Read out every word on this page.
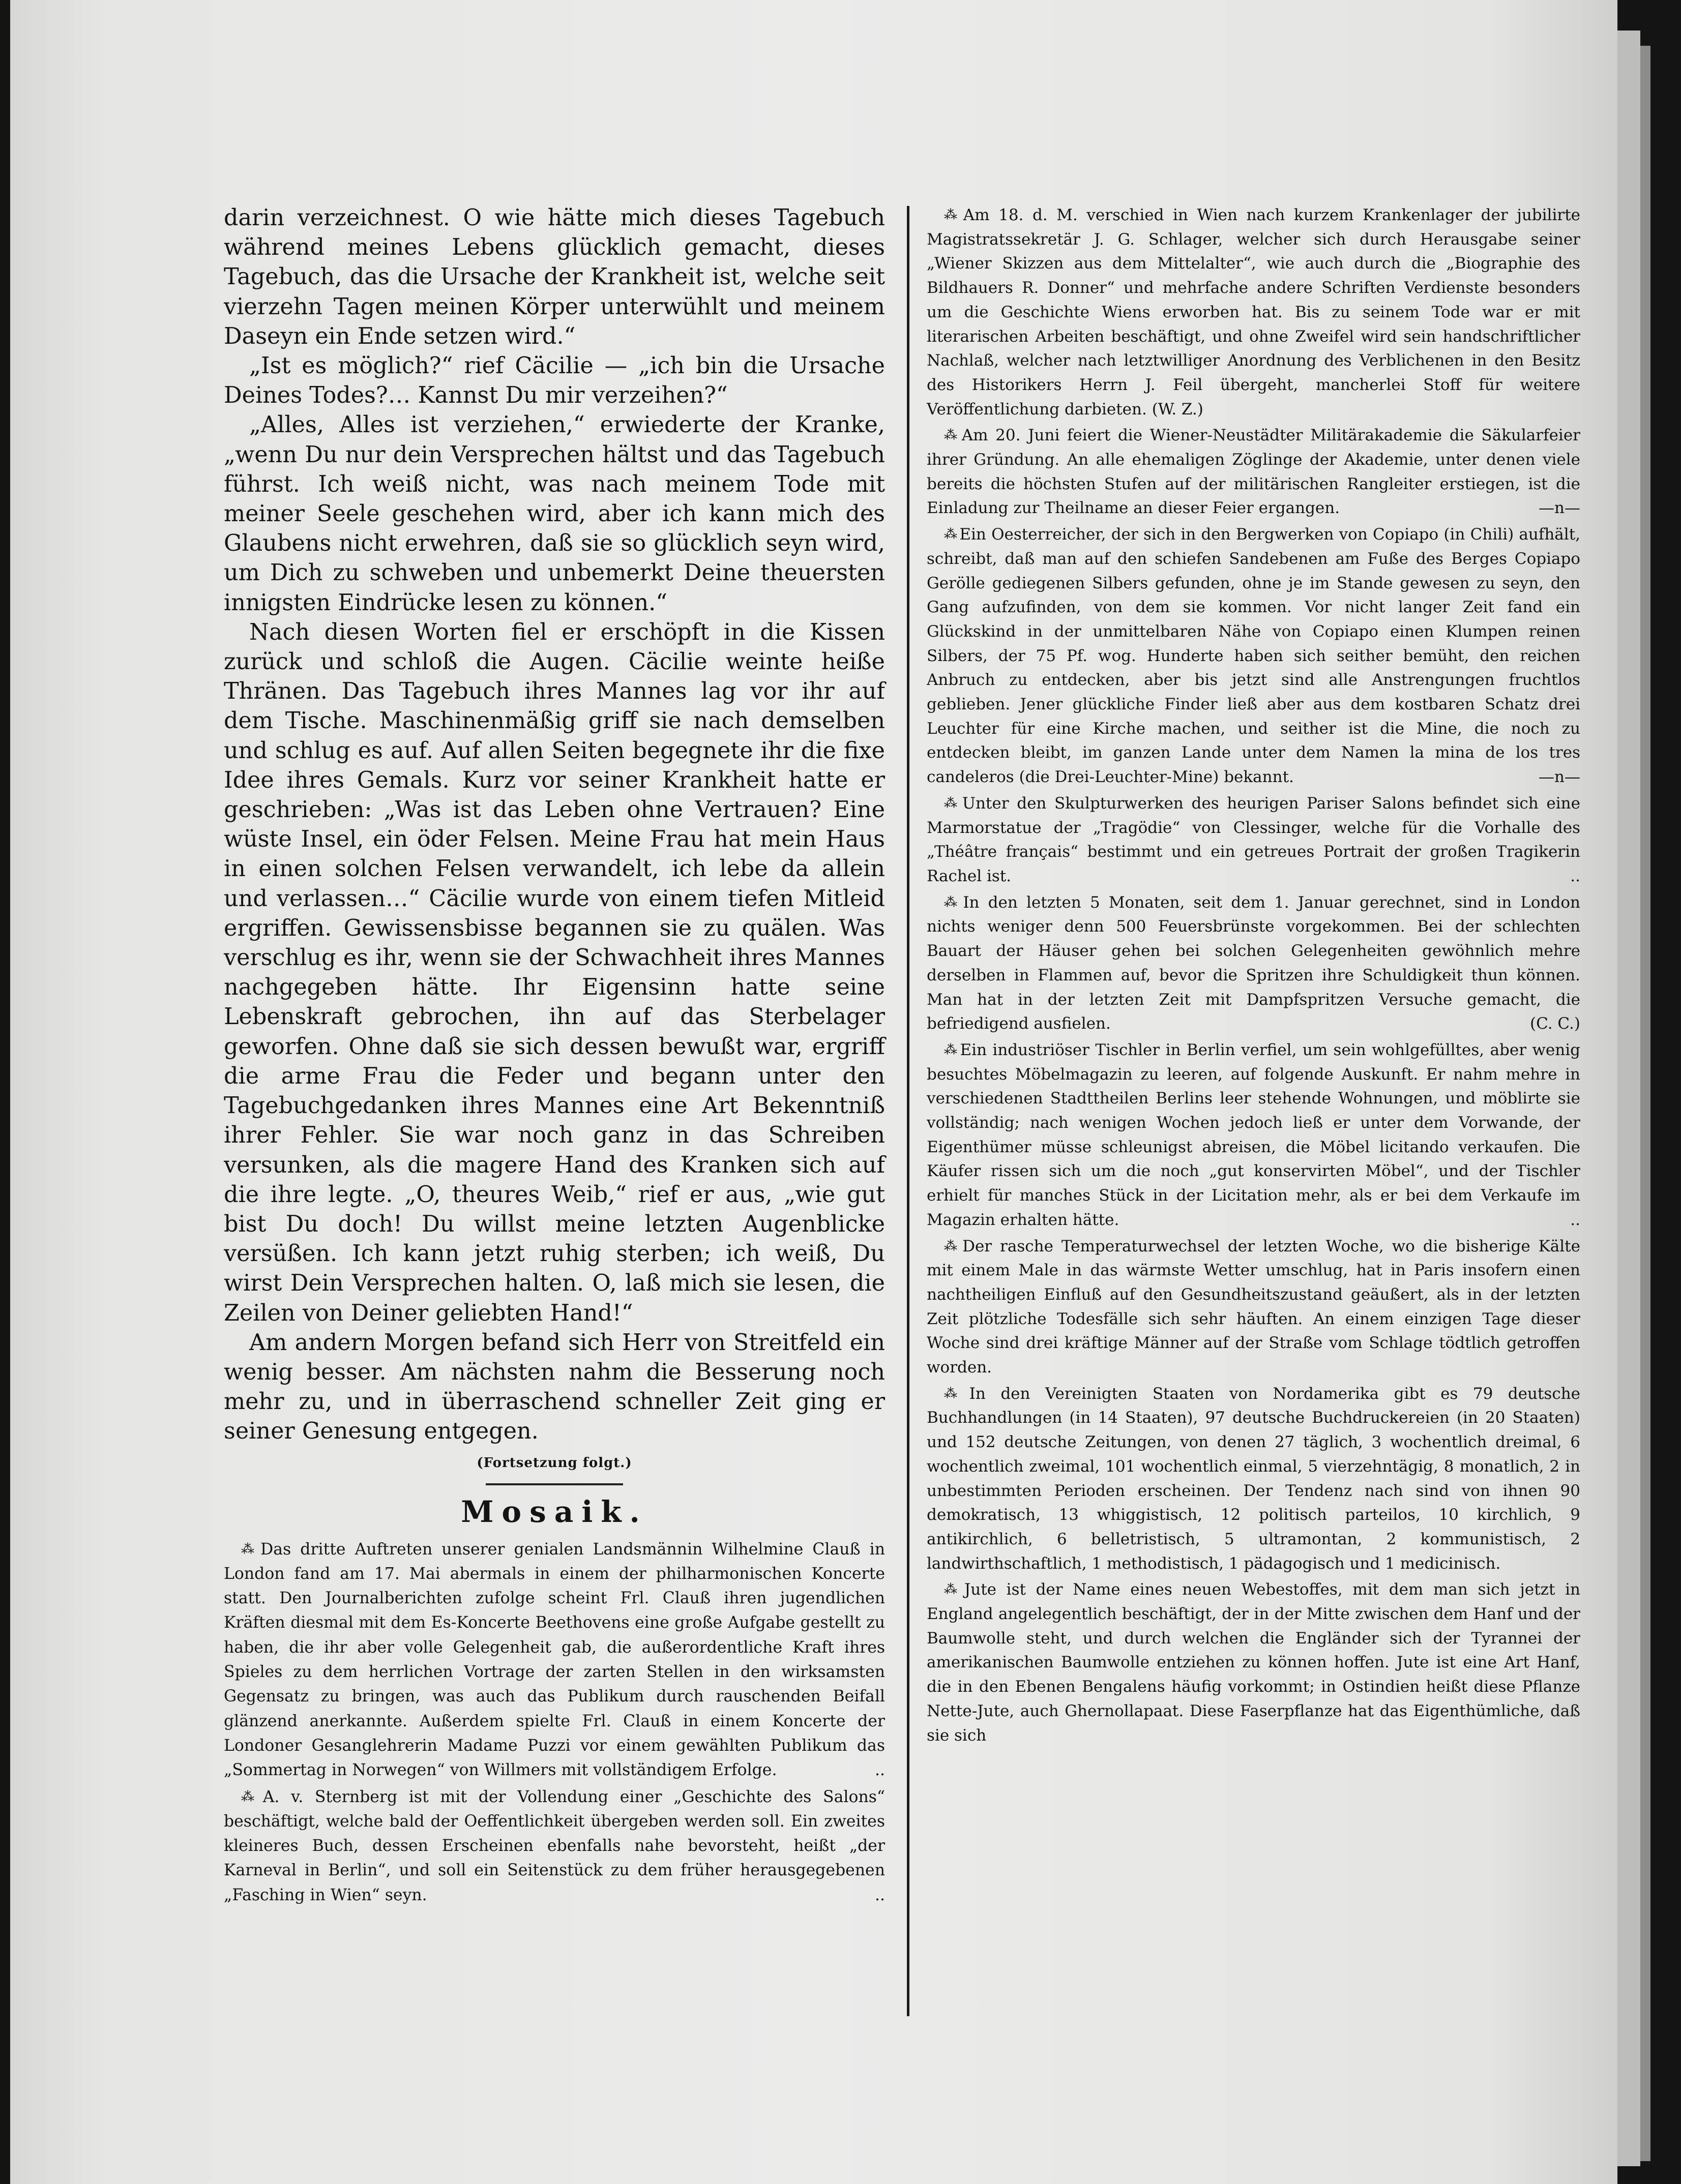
darin verzeichnest. O wie hätte mich dieses Tagebuch während meines Lebens glücklich gemacht, dieses Tagebuch, das die Ursache der Krankheit ist, welche seit vierzehn Tagen meinen Körper unterwühlt und meinem Daseyn ein Ende setzen wird.“

„Ist es möglich?“ rief Cäcilie — „ich bin die Ursache Deines Todes?… Kannst Du mir verzeihen?“

„Alles, Alles ist verziehen,“ erwiederte der Kranke, „wenn Du nur dein Versprechen hältst und das Tagebuch führst. Ich weiß nicht, was nach meinem Tode mit meiner Seele geschehen wird, aber ich kann mich des Glaubens nicht erwehren, daß sie so glücklich seyn wird, um Dich zu schweben und unbemerkt Deine theuersten innigsten Eindrücke lesen zu können.“

Nach diesen Worten fiel er erschöpft in die Kissen zurück und schloß die Augen. Cäcilie weinte heiße Thränen. Das Tagebuch ihres Mannes lag vor ihr auf dem Tische. Maschinenmäßig griff sie nach demselben und schlug es auf. Auf allen Seiten begegnete ihr die fixe Idee ihres Gemals. Kurz vor seiner Krankheit hatte er geschrieben: „Was ist das Leben ohne Vertrauen? Eine wüste Insel, ein öder Felsen. Meine Frau hat mein Haus in einen solchen Felsen verwandelt, ich lebe da allein und verlassen…“ Cäcilie wurde von einem tiefen Mitleid ergriffen. Gewissensbisse begannen sie zu quälen. Was verschlug es ihr, wenn sie der Schwachheit ihres Mannes nachgegeben hätte. Ihr Eigensinn hatte seine Lebenskraft gebrochen, ihn auf das Sterbelager geworfen. Ohne daß sie sich dessen bewußt war, ergriff die arme Frau die Feder und begann unter den Tagebuchgedanken ihres Mannes eine Art Bekenntniß ihrer Fehler. Sie war noch ganz in das Schreiben versunken, als die magere Hand des Kranken sich auf die ihre legte. „O, theures Weib,“ rief er aus, „wie gut bist Du doch! Du willst meine letzten Augenblicke versüßen. Ich kann jetzt ruhig sterben; ich weiß, Du wirst Dein Versprechen halten. O, laß mich sie lesen, die Zeilen von Deiner geliebten Hand!“

Am andern Morgen befand sich Herr von Streitfeld ein wenig besser. Am nächsten nahm die Besserung noch mehr zu, und in überraschend schneller Zeit ging er seiner Genesung entgegen.

(Fortsetzung folgt.)
Mosaik.

⁂ Das dritte Auftreten unserer genialen Landsmännin Wilhelmine Clauß in London fand am 17. Mai abermals in einem der philharmonischen Koncerte statt. Den Journalberichten zufolge scheint Frl. Clauß ihren jugendlichen Kräften diesmal mit dem Es-Koncerte Beethovens eine große Aufgabe gestellt zu haben, die ihr aber volle Gelegenheit gab, die außerordentliche Kraft ihres Spieles zu dem herrlichen Vortrage der zarten Stellen in den wirksamsten Gegensatz zu bringen, was auch das Publikum durch rauschenden Beifall glänzend anerkannte. Außerdem spielte Frl. Clauß in einem Koncerte der Londoner Gesanglehrerin Madame Puzzi vor einem gewählten Publikum das „Sommertag in Norwegen“ von Willmers mit vollständigem Erfolge.	..

⁂ A. v. Sternberg ist mit der Vollendung einer „Geschichte des Salons“ beschäftigt, welche bald der Oeffentlichkeit übergeben werden soll. Ein zweites kleineres Buch, dessen Erscheinen ebenfalls nahe bevorsteht, heißt „der Karneval in Berlin“, und soll ein Seitenstück zu dem früher herausgegebenen „Fasching in Wien“ seyn.	..

⁂ Am 18. d. M. verschied in Wien nach kurzem Krankenlager der jubilirte Magistratssekretär J. G. Schlager, welcher sich durch Herausgabe seiner „Wiener Skizzen aus dem Mittelalter“, wie auch durch die „Biographie des Bildhauers R. Donner“ und mehrfache andere Schriften Verdienste besonders um die Geschichte Wiens erworben hat. Bis zu seinem Tode war er mit literarischen Arbeiten beschäftigt, und ohne Zweifel wird sein handschriftlicher Nachlaß, welcher nach letztwilliger Anordnung des Verblichenen in den Besitz des Historikers Herrn J. Feil übergeht, mancherlei Stoff für weitere Veröffentlichung darbieten. (W. Z.)

⁂ Am 20. Juni feiert die Wiener-Neustädter Militärakademie die Säkularfeier ihrer Gründung. An alle ehemaligen Zöglinge der Akademie, unter denen viele bereits die höchsten Stufen auf der militärischen Rangleiter erstiegen, ist die Einladung zur Theilname an dieser Feier ergangen.	—n—

⁂ Ein Oesterreicher, der sich in den Bergwerken von Copiapo (in Chili) aufhält, schreibt, daß man auf den schiefen Sandebenen am Fuße des Berges Copiapo Gerölle gediegenen Silbers gefunden, ohne je im Stande gewesen zu seyn, den Gang aufzufinden, von dem sie kommen. Vor nicht langer Zeit fand ein Glückskind in der unmittelbaren Nähe von Copiapo einen Klumpen reinen Silbers, der 75 Pf. wog. Hunderte haben sich seither bemüht, den reichen Anbruch zu entdecken, aber bis jetzt sind alle Anstrengungen fruchtlos geblieben. Jener glückliche Finder ließ aber aus dem kostbaren Schatz drei Leuchter für eine Kirche machen, und seither ist die Mine, die noch zu entdecken bleibt, im ganzen Lande unter dem Namen la mina de los tres candeleros (die Drei-Leuchter-Mine) bekannt.	—n—

⁂ Unter den Skulpturwerken des heurigen Pariser Salons befindet sich eine Marmorstatue der „Tragödie“ von Clessinger, welche für die Vorhalle des „Théâtre français“ bestimmt und ein getreues Portrait der großen Tragikerin Rachel ist.	..

⁂ In den letzten 5 Monaten, seit dem 1. Januar gerechnet, sind in London nichts weniger denn 500 Feuersbrünste vorgekommen. Bei der schlechten Bauart der Häuser gehen bei solchen Gelegenheiten gewöhnlich mehre derselben in Flammen auf, bevor die Spritzen ihre Schuldigkeit thun können. Man hat in der letzten Zeit mit Dampfspritzen Versuche gemacht, die befriedigend ausfielen.	(C. C.)

⁂ Ein industriöser Tischler in Berlin verfiel, um sein wohlgefülltes, aber wenig besuchtes Möbelmagazin zu leeren, auf folgende Auskunft. Er nahm mehre in verschiedenen Stadttheilen Berlins leer stehende Wohnungen, und möblirte sie vollständig; nach wenigen Wochen jedoch ließ er unter dem Vorwande, der Eigenthümer müsse schleunigst abreisen, die Möbel licitando verkaufen. Die Käufer rissen sich um die noch „gut konservirten Möbel“, und der Tischler erhielt für manches Stück in der Licitation mehr, als er bei dem Verkaufe im Magazin erhalten hätte.	..

⁂ Der rasche Temperaturwechsel der letzten Woche, wo die bisherige Kälte mit einem Male in das wärmste Wetter umschlug, hat in Paris insofern einen nachtheiligen Einfluß auf den Gesundheitszustand geäußert, als in der letzten Zeit plötzliche Todesfälle sich sehr häuften. An einem einzigen Tage dieser Woche sind drei kräftige Männer auf der Straße vom Schlage tödtlich getroffen worden.

⁂ In den Vereinigten Staaten von Nordamerika gibt es 79 deutsche Buchhandlungen (in 14 Staaten), 97 deutsche Buchdruckereien (in 20 Staaten) und 152 deutsche Zeitungen, von denen 27 täglich, 3 wochentlich dreimal, 6 wochentlich zweimal, 101 wochentlich einmal, 5 vierzehntägig, 8 monatlich, 2 in unbestimmten Perioden erscheinen. Der Tendenz nach sind von ihnen 90 demokratisch, 13 whiggistisch, 12 politisch parteilos, 10 kirchlich, 9 antikirchlich, 6 belletristisch, 5 ultramontan, 2 kommunistisch, 2 landwirthschaftlich, 1 methodistisch, 1 pädagogisch und 1 medicinisch.

⁂ Jute ist der Name eines neuen Webestoffes, mit dem man sich jetzt in England angelegentlich beschäftigt, der in der Mitte zwischen dem Hanf und der Baumwolle steht, und durch welchen die Engländer sich der Tyrannei der amerikanischen Baumwolle entziehen zu können hoffen. Jute ist eine Art Hanf, die in den Ebenen Bengalens häufig vorkommt; in Ostindien heißt diese Pflanze Nette-Jute, auch Ghernollapaat. Diese Faserpflanze hat das Eigenthümliche, daß sie sich
